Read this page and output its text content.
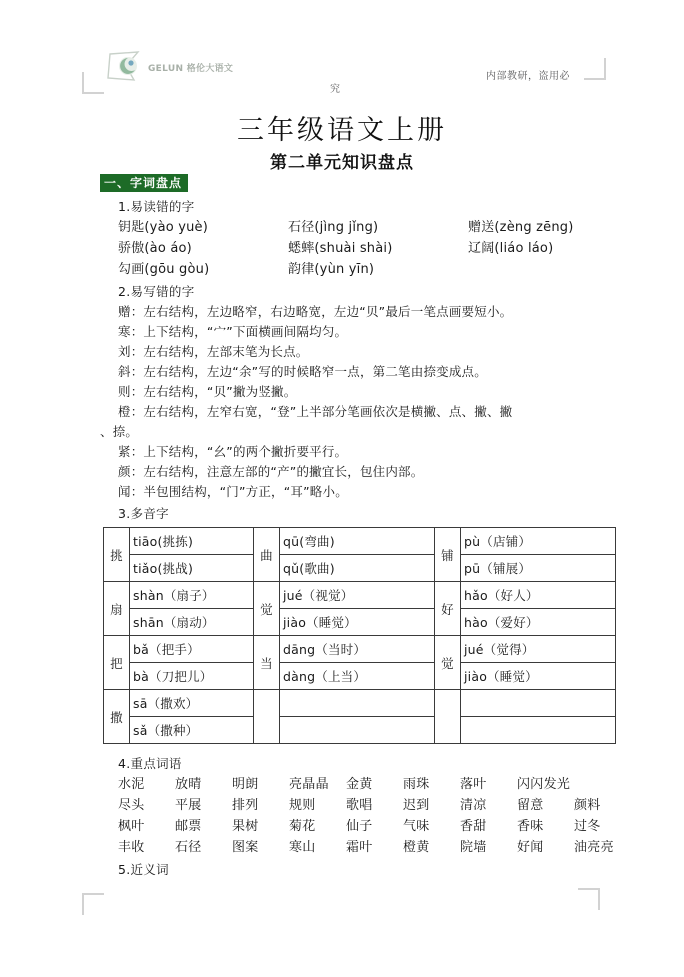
GELUN 格伦大语文
内部教研，盗用必
究
三年级语文上册
第二单元知识盘点
一、字词盘点
1.易读错的字
钥匙(yào yuè)	石径(jìng jǐng)	赠送(zèng zēng)
骄傲(ào áo)	蟋蟀(shuài shài)	辽阔(liáo láo)
勾画(gōu gòu)	韵律(yùn yīn)
2.易写错的字
赠：左右结构，左边略窄，右边略宽，左边“贝”最后一笔点画要短小。
寒：上下结构，“宀”下面横画间隔均匀。
刘：左右结构，左部末笔为长点。
斜：左右结构，左边“余”写的时候略窄一点，第二笔由捺变成点。
则：左右结构，“贝”撇为竖撇。
橙：左右结构，左窄右宽，“登”上半部分笔画依次是横撇、点、撇、撇
、捺。
紧：上下结构，“幺”的两个撇折要平行。
颜：左右结构，注意左部的“产”的撇宜长，包住内部。
闻：半包围结构，“门”方正，“耳”略小。
3.多音字
挑	tiāo(挑拣)	曲	qū(弯曲)	铺	pù（店铺）
	tiǎo(挑战)		qǔ(歌曲)		pū（铺展）
扇	shàn（扇子）	觉	jué（视觉）	好	hǎo（好人）
	shān（扇动）		jiào（睡觉）		hào（爱好）
把	bǎ（把手）	当	dāng（当时）	觉	jué（觉得）
	bà（刀把儿）		dàng（上当）		jiào（睡觉）
撒	sā（撒欢）				
	sǎ（撒种）				
4.重点词语
水泥	放晴	明朗	亮晶晶	金黄	雨珠	落叶	闪闪发光
尽头	平展	排列	规则	歌唱	迟到	清凉	留意	颜料
枫叶	邮票	果树	菊花	仙子	气味	香甜	香味	过冬
丰收	石径	图案	寒山	霜叶	橙黄	院墙	好闻	油亮亮
5.近义词
